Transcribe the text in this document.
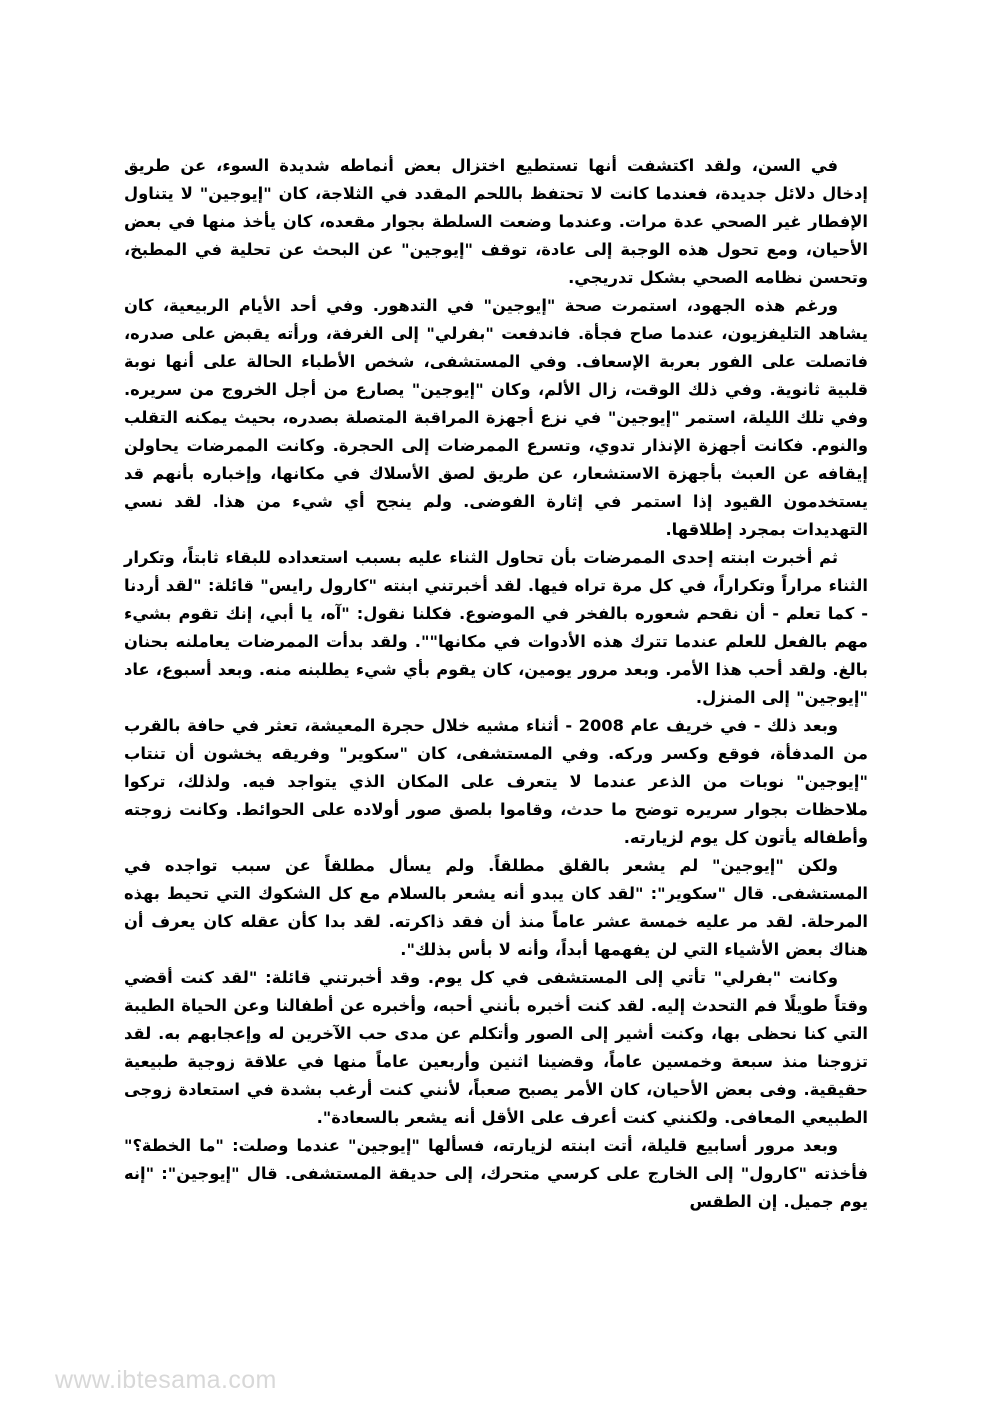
في السن، ولقد اكتشفت أنها تستطيع اختزال بعض أنماطه شديدة السوء، عن طريق إدخال دلائل جديدة، فعندما كانت لا تحتفظ باللحم المقدد في الثلاجة، كان "إيوجين" لا يتناول الإفطار غير الصحي عدة مرات. وعندما وضعت السلطة بجوار مقعده، كان يأخذ منها في بعض الأحيان، ومع تحول هذه الوجبة إلى عادة، توقف "إيوجين" عن البحث عن تحلية في المطبخ، وتحسن نظامه الصحي بشكل تدريجي.

ورغم هذه الجهود، استمرت صحة "إيوجين" في التدهور. وفي أحد الأيام الربيعية، كان يشاهد التليفزيون، عندما صاح فجأة. فاندفعت "بفرلي" إلى الغرفة، ورأته يقبض على صدره، فاتصلت على الفور بعربة الإسعاف. وفي المستشفى، شخص الأطباء الحالة على أنها نوبة قلبية ثانوية. وفي ذلك الوقت، زال الألم، وكان "إيوجين" يصارع من أجل الخروج من سريره. وفي تلك الليلة، استمر "إيوجين" في نزع أجهزة المراقبة المتصلة بصدره، بحيث يمكنه التقلب والنوم. فكانت أجهزة الإنذار تدوي، وتسرع الممرضات إلى الحجرة. وكانت الممرضات يحاولن إيقافه عن العبث بأجهزة الاستشعار، عن طريق لصق الأسلاك في مكانها، وإخباره بأنهم قد يستخدمون القيود إذا استمر في إثارة الفوضى. ولم ينجح أي شيء من هذا. لقد نسي التهديدات بمجرد إطلاقها.

ثم أخبرت ابنته إحدى الممرضات بأن تحاول الثناء عليه بسبب استعداده للبقاء ثابتاً، وتكرار الثناء مراراً وتكراراً، في كل مرة تراه فيها. لقد أخبرتني ابنته "كارول رايس" قائلة: "لقد أردنا - كما تعلم - أن نقحم شعوره بالفخر في الموضوع. فكلنا نقول: "آه، يا أبي، إنك تقوم بشيء مهم بالفعل للعلم عندما تترك هذه الأدوات في مكانها"". ولقد بدأت الممرضات يعاملنه بحنان بالغ. ولقد أحب هذا الأمر. وبعد مرور يومين، كان يقوم بأي شيء يطلبنه منه. وبعد أسبوع، عاد "إيوجين" إلى المنزل.

وبعد ذلك - في خريف عام 2008 - أثناء مشيه خلال حجرة المعيشة، تعثر في حافة بالقرب من المدفأة، فوقع وكسر وركه. وفي المستشفى، كان "سكوير" وفريقه يخشون أن تنتاب "إيوجين" نوبات من الذعر عندما لا يتعرف على المكان الذي يتواجد فيه. ولذلك، تركوا ملاحظات بجوار سريره توضح ما حدث، وقاموا بلصق صور أولاده على الحوائط. وكانت زوجته وأطفاله يأتون كل يوم لزيارته.

ولكن "إيوجين" لم يشعر بالقلق مطلقاً. ولم يسأل مطلقاً عن سبب تواجده في المستشفى. قال "سكوير": "لقد كان يبدو أنه يشعر بالسلام مع كل الشكوك التي تحيط بهذه المرحلة. لقد مر عليه خمسة عشر عاماً منذ أن فقد ذاكرته. لقد بدا كأن عقله كان يعرف أن هناك بعض الأشياء التي لن يفهمها أبداً، وأنه لا بأس بذلك".

وكانت "بفرلي" تأتي إلى المستشفى في كل يوم. وقد أخبرتني قائلة: "لقد كنت أقضي وقتاً طويلًا فم التحدث إليه. لقد كنت أخبره بأنني أحبه، وأخبره عن أطفالنا وعن الحياة الطيبة التي كنا نحظى بها، وكنت أشير إلى الصور وأتكلم عن مدى حب الآخرين له وإعجابهم به. لقد تزوجنا منذ سبعة وخمسين عاماً، وقضينا اثنين وأربعين عاماً منها في علاقة زوجية طبيعية حقيقية. وفى بعض الأحيان، كان الأمر يصبح صعباً، لأنني كنت أرغب بشدة في استعادة زوجى الطبيعي المعافى. ولكنني كنت أعرف على الأقل أنه يشعر بالسعادة".

وبعد مرور أسابيع قليلة، أتت ابنته لزيارته، فسألها "إيوجين" عندما وصلت: "ما الخطة؟" فأخذته "كارول" إلى الخارج على كرسي متحرك، إلى حديقة المستشفى. قال "إيوجين": "إنه يوم جميل. إن الطقس

www.ibtesama.com
